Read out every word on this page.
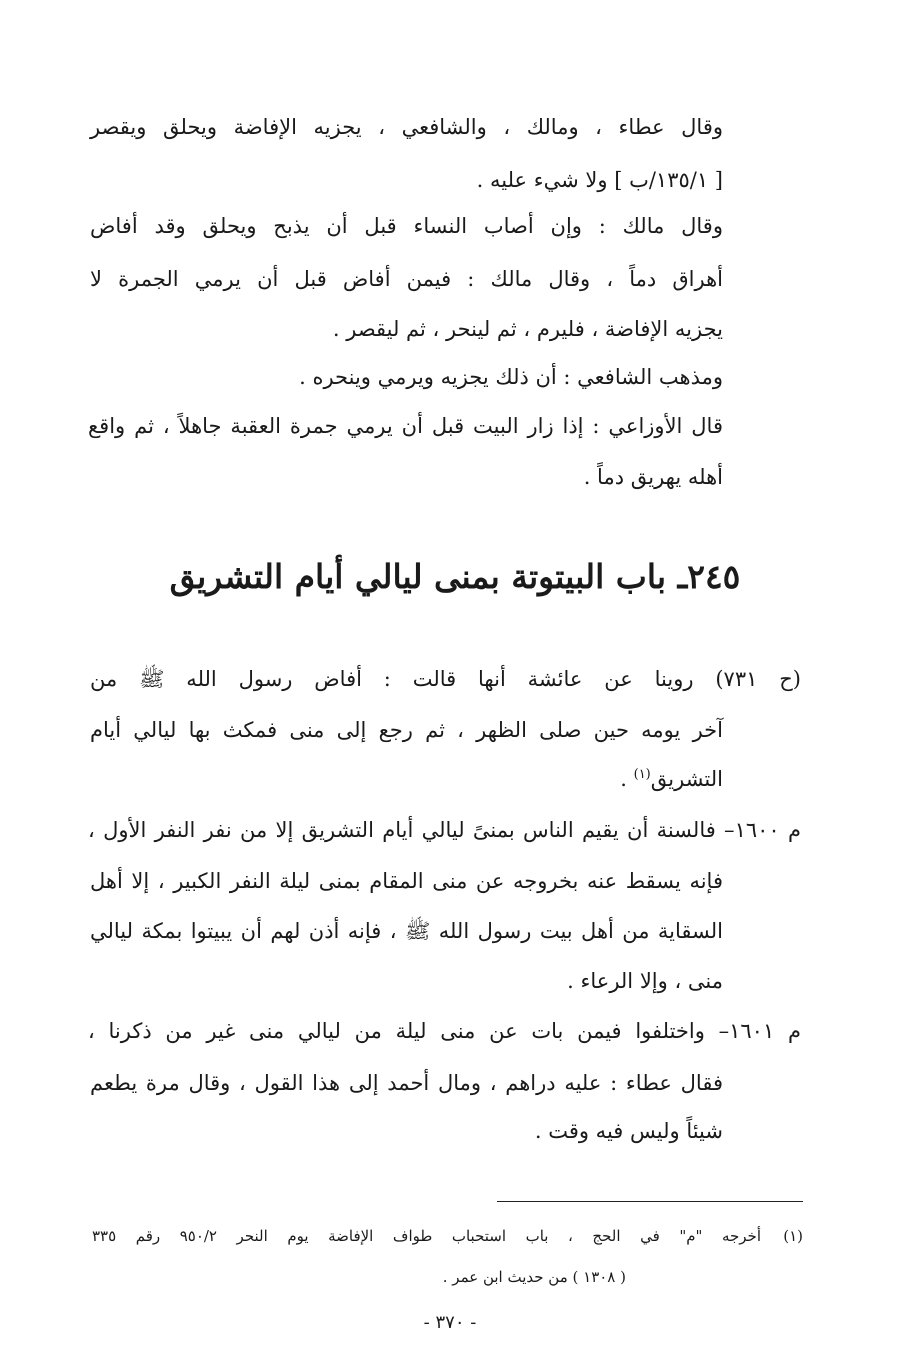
وقال عطاء ، ومالك ، والشافعي ، يجزيه الإفاضة ويحلق ويقصر
[ ١٣٥/١/ب ] ولا شيء عليه .
وقال مالك : وإن أصاب النساء قبل أن يذبح ويحلق وقد أفاض
أهراق دماً ، وقال مالك : فيمن أفاض قبل أن يرمي الجمرة لا
يجزيه الإفاضة ، فليرم ، ثم لينحر ، ثم ليقصر .
ومذهب الشافعي : أن ذلك يجزيه ويرمي وينحره .
قال الأوزاعي : إذا زار البيت قبل أن يرمي جمرة العقبة جاهلاً ، ثم واقع
أهله يهريق دماً .
٢٤٥ـ باب البيتوتة بمنى ليالي أيام التشريق
(ح ٧٣١) روينا عن عائشة أنها قالت : أفاض رسول الله ﷺ من
آخر يومه حين صلى الظهر ، ثم رجع إلى منى فمكث بها ليالي أيام
التشريق$^{(١)}$ .
م ١٦٠٠– فالسنة أن يقيم الناس بمنىً ليالي أيام التشريق إلا من نفر النفر الأول ،
فإنه يسقط عنه بخروجه عن منى المقام بمنى ليلة النفر الكبير ، إلا أهل
السقاية من أهل بيت رسول الله ﷺ ، فإنه أذن لهم أن يبيتوا بمكة ليالي
منى ، وإلا الرعاء .
م ١٦٠١– واختلفوا فيمن بات عن منى ليلة من ليالي منى غير من ذكرنا ،
فقال عطاء : عليه دراهم ، ومال أحمد إلى هذا القول ، وقال مرة يطعم
شيئاً وليس فيه وقت .
(١)
أخرجه "م" في الحج ، باب استحباب طواف الإفاضة يوم النحر ٩٥٠/٢ رقم ٣٣٥
( ١٣٠٨ ) من حديث ابن عمر .
- ٣٧٠ -
